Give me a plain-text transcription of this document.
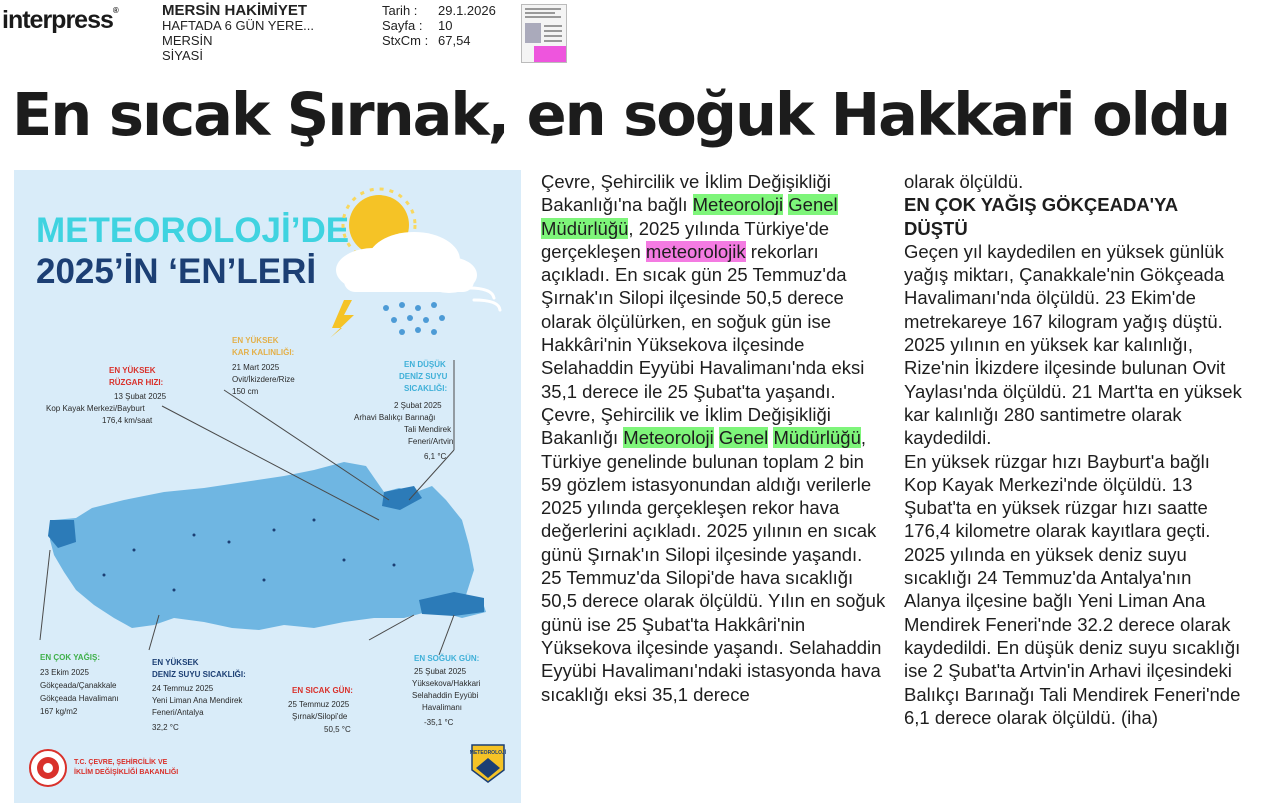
interpress®	MERSİN HAKİMİYET
HAFTADA 6 GÜN YERE...
MERSİN
SİYASİ
Tarih :	29.1.2026
Sayfa :	10
StxCm : 67,54
En sıcak Şırnak, en soğuk Hakkari oldu
METEOROLOJİ’DE
2025’İN ‘EN’LERİ
EN YÜKSEK
RÜZGAR HIZI:
13 Şubat 2025
Kop Kayak Merkezi/Bayburt
176,4 km/saat
EN YÜKSEK
KAR KALINLIĞI:
21 Mart 2025
Ovit/İkizdere/Rize
150 cm
EN DÜŞÜK
DENİZ SUYU
SICAKLIĞI:
2 Şubat 2025
Arhavi Balıkçı Barınağı
Tali Mendirek
Feneri/Artvin
6,1 °C
EN ÇOK YAĞIŞ:
23 Ekim 2025
Gökçeada/Çanakkale
Gökçeada Havalimanı
167 kg/m2
EN YÜKSEK
DENİZ SUYU SICAKLIĞI:
24 Temmuz 2025
Yeni Liman Ana Mendirek
Feneri/Antalya
32,2 °C
EN SICAK GÜN:
25 Temmuz 2025
Şırnak/Silopi'de
50,5 °C
EN SOĞUK GÜN:
25 Şubat 2025
Yüksekova/Hakkari
Selahaddin Eyyübi
Havalimanı
-35,1 °C
T.C. ÇEVRE, ŞEHİRCİLİK VE
İKLİM DEĞİŞİKLİĞİ BAKANLIĞI
METEOROLOJİ

Çevre, Şehircilik ve İklim Değişikliği Bakanlığı'na bağlı Meteoroloji Genel Müdürlüğü, 2025 yılında Türkiye'de gerçekleşen meteorolojik rekorları açıkladı. En sıcak gün 25 Temmuz'da Şırnak'ın Silopi ilçesinde 50,5 derece olarak ölçülürken, en soğuk gün ise Hakkâri'nin Yüksekova ilçesinde Selahaddin Eyyübi Havalimanı'nda eksi 35,1 derece ile 25 Şubat'ta yaşandı.

Çevre, Şehircilik ve İklim Değişikliği Bakanlığı Meteoroloji Genel Müdürlüğü, Türkiye genelinde bulunan toplam 2 bin 59 gözlem istasyonundan aldığı verilerle 2025 yılında gerçekleşen rekor hava değerlerini açıkladı. 2025 yılının en sıcak günü Şırnak'ın Silopi ilçesinde yaşandı. 25 Temmuz'da Silopi'de hava sıcaklığı 50,5 derece olarak ölçüldü. Yılın en soğuk günü ise 25 Şubat'ta Hakkâri'nin Yüksekova ilçesinde yaşandı. Selahaddin Eyyübi Havalimanı'ndaki istasyonda hava sıcaklığı eksi 35,1 derece

olarak ölçüldü.

EN ÇOK YAĞIŞ GÖKÇEADA'YA DÜŞTÜ

Geçen yıl kaydedilen en yüksek günlük yağış miktarı, Çanakkale'nin Gökçeada Havalimanı'nda ölçüldü. 23 Ekim'de metrekareye 167 kilogram yağış düştü. 2025 yılının en yüksek kar kalınlığı, Rize'nin İkizdere ilçesinde bulunan Ovit Yaylası'nda ölçüldü. 21 Mart'ta en yüksek kar kalınlığı 280 santimetre olarak kaydedildi.

En yüksek rüzgar hızı Bayburt'a bağlı Kop Kayak Merkezi'nde ölçüldü. 13 Şubat'ta en yüksek rüzgar hızı saatte 176,4 kilometre olarak kayıtlara geçti. 2025 yılında en yüksek deniz suyu sıcaklığı 24 Temmuz'da Antalya'nın Alanya ilçesine bağlı Yeni Liman Ana Mendirek Feneri'nde 32.2 derece olarak kaydedildi. En düşük deniz suyu sıcaklığı ise 2 Şubat'ta Artvin'in Arhavi ilçesindeki Balıkçı Barınağı Tali Mendirek Feneri'nde 6,1 derece olarak ölçüldü. (iha)
